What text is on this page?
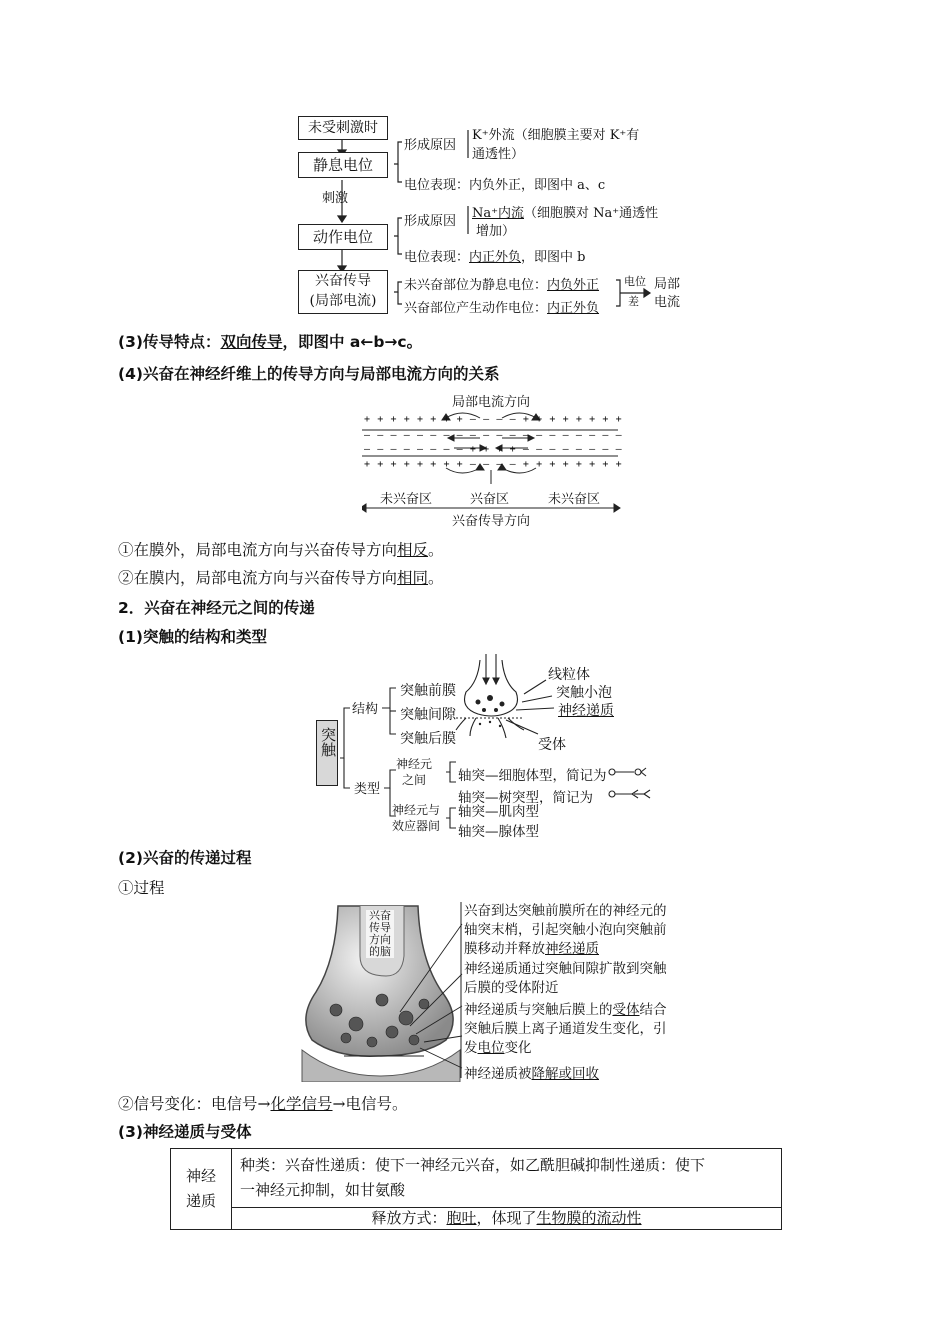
未受刺激时
静息电位
刺激
动作电位
兴奋传导
(局部电流)
形成原因
K⁺外流（细胞膜主要对 K⁺有
通透性）
电位表现：内负外正，即图中 a、c
形成原因
Na⁺内流（细胞膜对 Na⁺通透性
增加）
电位表现：内正外负，即图中 b
未兴奋部位为静息电位：内负外正
兴奋部位产生动作电位：内正外负
电位
差
局部
电流
(3)传导特点：双向传导，即图中 a←b→c。
(4)兴奋在神经纤维上的传导方向与局部电流方向的关系
局部电流方向
+ + + + + + + + – – – – + + + + + + + +
– – – – – – – – – – – – – – – – – – – –
– – – – – – – – + + + + – – – – – – – –
+ + + + + + + + – – – – + + + + + + + +
未兴奋区	兴奋区	未兴奋区
兴奋传导方向
①在膜外，局部电流方向与兴奋传导方向相反。
②在膜内，局部电流方向与兴奋传导方向相同。
2．兴奋在神经元之间的传递
(1)突触的结构和类型
突触
结构
突触前膜
突触间隙
突触后膜
类型
神经元
之间	轴突—细胞体型，简记为
轴突—树突型，简记为
神经元与
效应器间
轴突—肌肉型
轴突—腺体型
线粒体
突触小泡
神经递质
受体
(2)兴奋的传递过程
①过程
兴奋传导方向的脑
兴奋到达突触前膜所在的神经元的
轴突末梢，引起突触小泡向突触前
膜移动并释放神经递质
神经递质通过突触间隙扩散到突触
后膜的受体附近
神经递质与突触后膜上的受体结合
突触后膜上离子通道发生变化，引
发电位变化
神经递质被降解或回收
②信号变化：电信号→化学信号→电信号。
(3)神经递质与受体
神经
递质

种类：兴奋性递质：使下一神经元兴奋，如乙酰胆碱抑制性递质：使下
一神经元抑制，如甘氨酸

释放方式：胞吐，体现了生物膜的流动性
